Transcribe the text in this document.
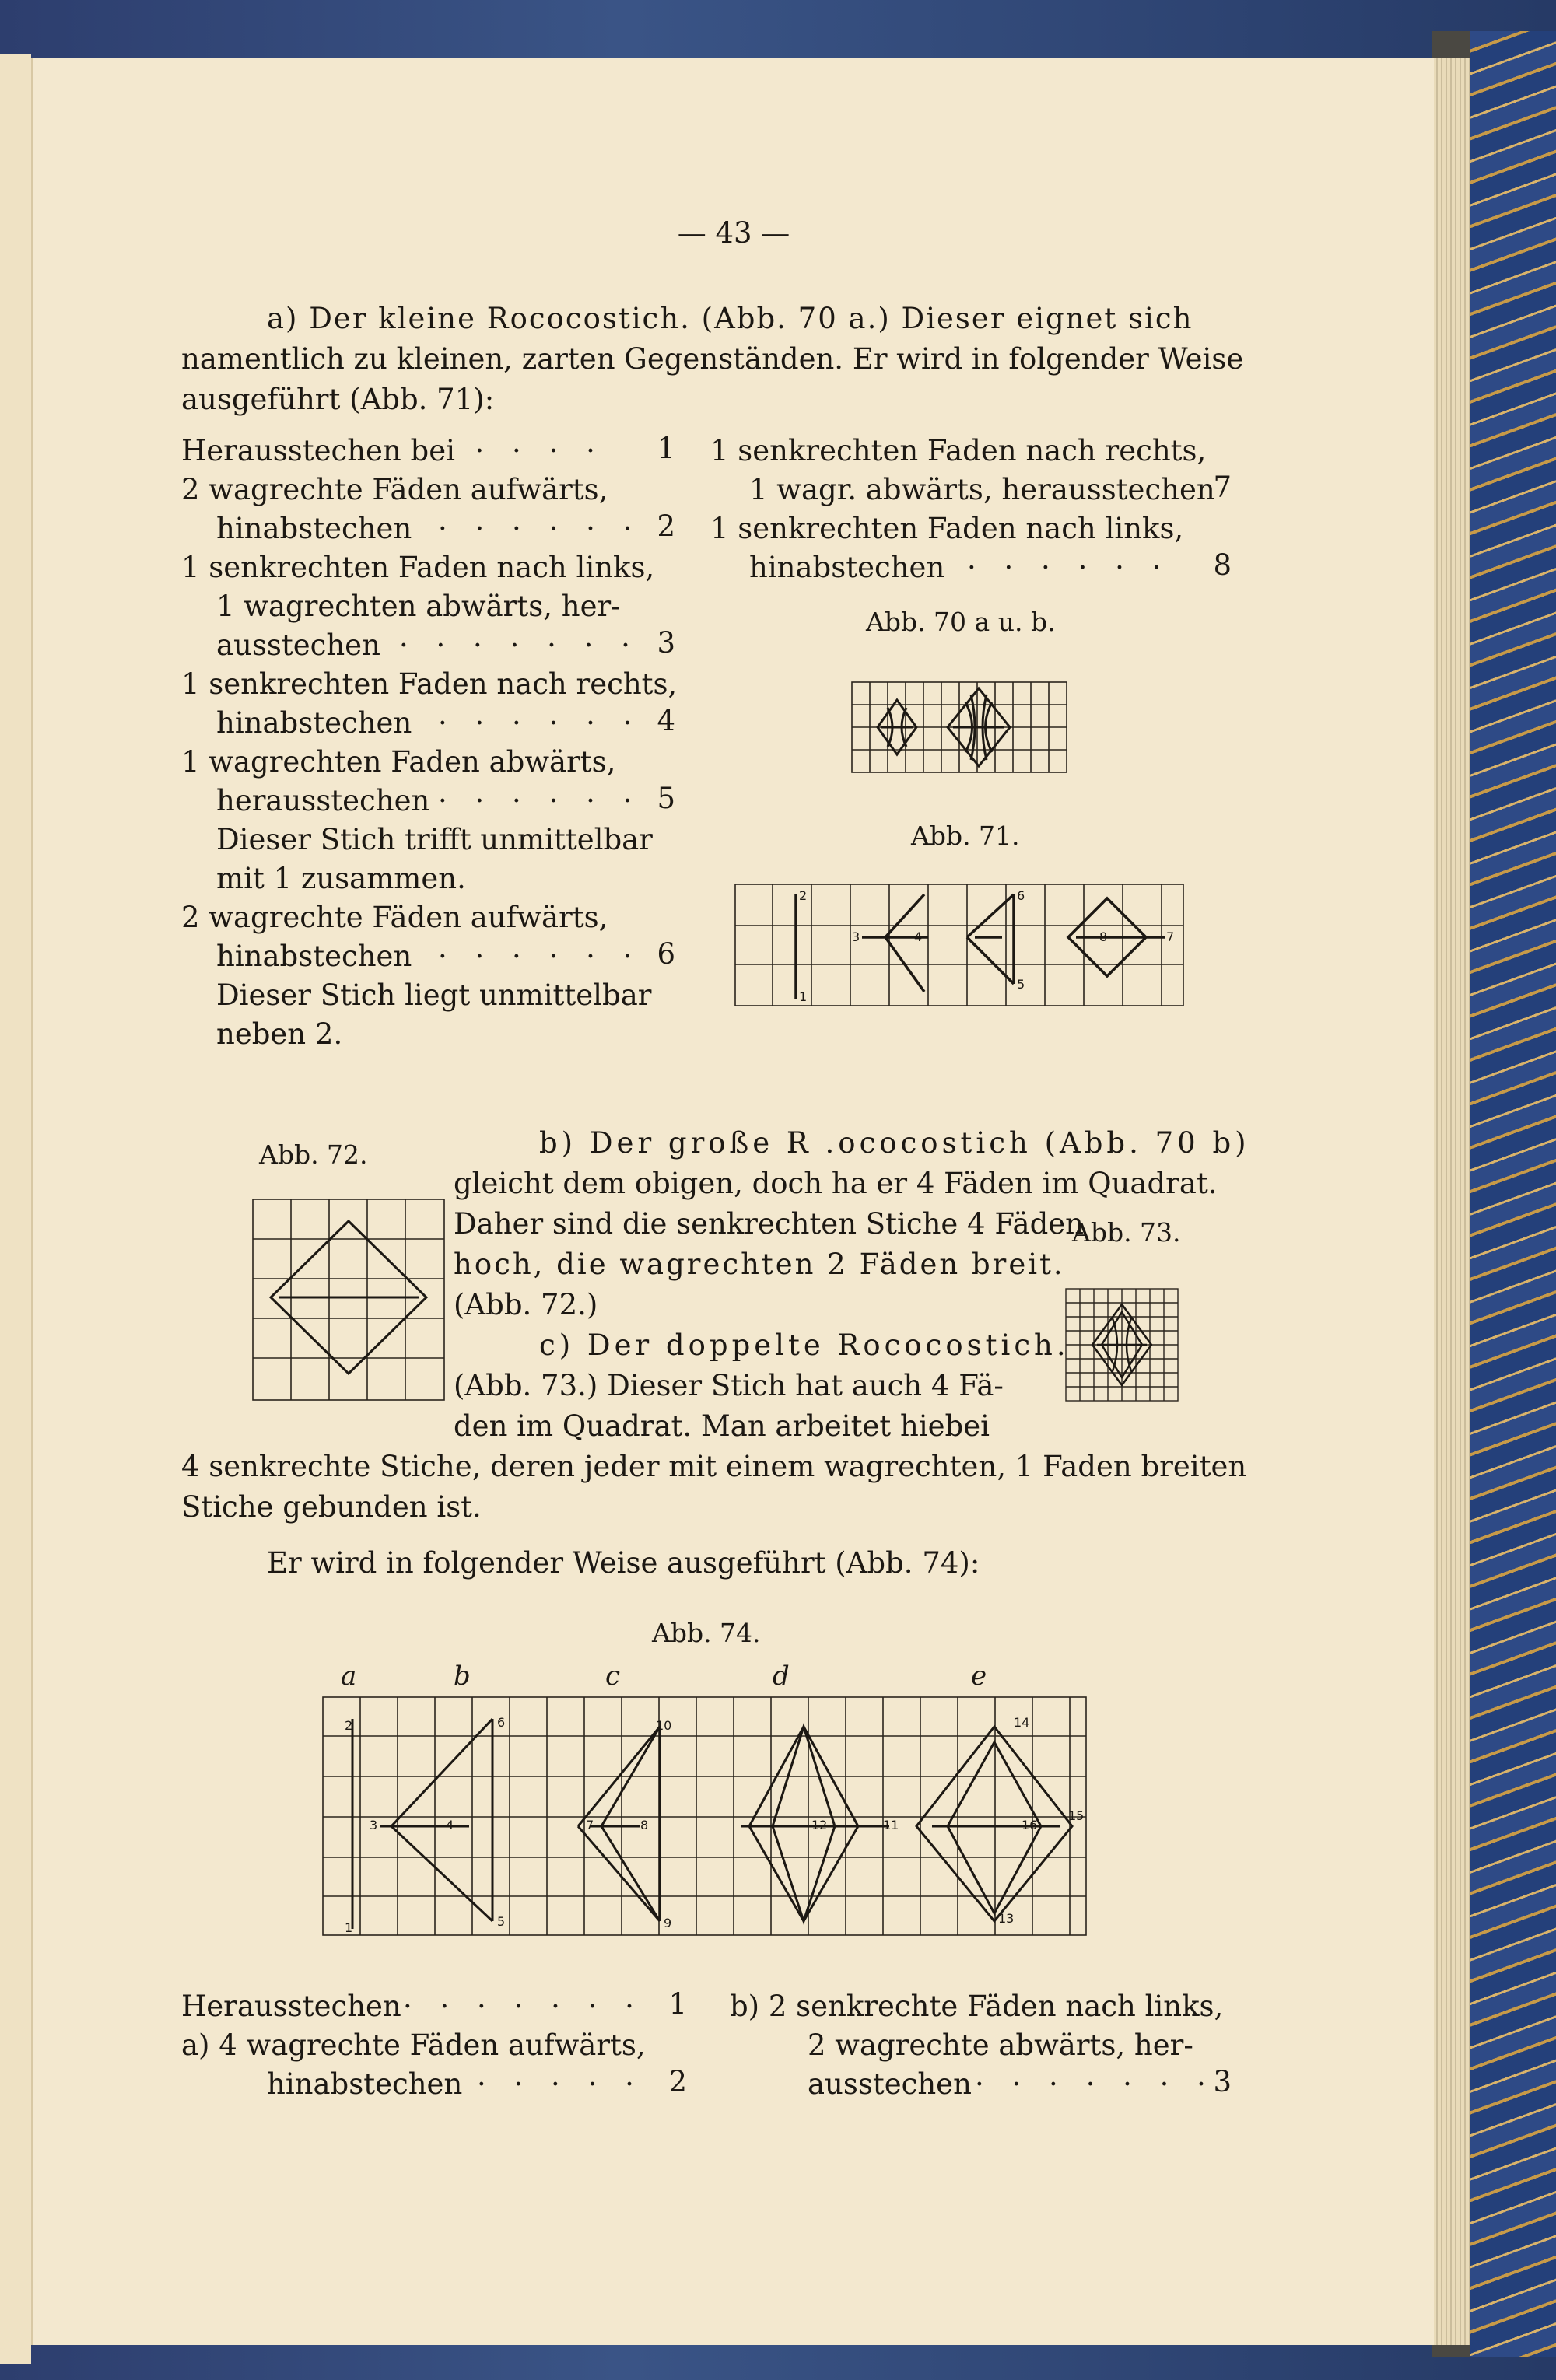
— 43 —
a) Der kleine Rococostich. (Abb. 70 a.) Dieser eignet sich
namentlich zu kleinen, zarten Gegenständen. Er wird in folgender Weise
ausgeführt (Abb. 71):
Herausstechen bei
· · · · ·	1
2 wagrechte Fäden aufwärts,
hinabstechen · · · · · · 2
1 senkrechten Faden nach links,
1 wagrechten abwärts, her-
ausstechen · · · · · · · 3
1 senkrechten Faden nach rechts,
hinabstechen · · · · · · 4
1 wagrechten Faden abwärts,
herausstechen · · · · · · 5
Dieser Stich trifft unmittelbar
mit 1 zusammen.
2 wagrechte Fäden aufwärts,
hinabstechen · · · · · · 6
Dieser Stich liegt unmittelbar
neben 2.
1 senkrechten Faden nach rechts,
1 wagr. abwärts, herausstechen
7
1 senkrechten Faden nach links,
hinabstechen · · · · · ·	8
Abb. 70 a u. b.
Abb. 71.
2
1
3	4
6
5
8	7
Abb. 72.	b) Der große R .ococostich (Abb. 70 b)
gleicht dem obigen, doch ha er 4 Fäden im Quadrat.
Daher sind die senkrechten Stiche 4 Fäden
hoch, die wagrechten 2 Fäden breit.
(Abb. 72.)
Abb. 73.
c) Der doppelte Rococostich.
(Abb. 73.) Dieser Stich hat auch 4 Fä-
den im Quadrat. Man arbeitet hiebei
4 senkrechte Stiche, deren jeder mit einem wagrechten, 1 Faden breiten
Stiche gebunden ist.
Er wird in folgender Weise ausgeführt (Abb. 74):
Abb. 74.
a	b	c	d	e
2
1
3	4
6
5
10
7	8
9
12	11
14
16
15
13
Herausstechen · · · · · · · 1
a) 4 wagrechte Fäden aufwärts,
hinabstechen · · · · · 2
b) 2 senkrechte Fäden nach links,
2 wagrechte abwärts, her-
ausstechen · · · · · · ·
3
